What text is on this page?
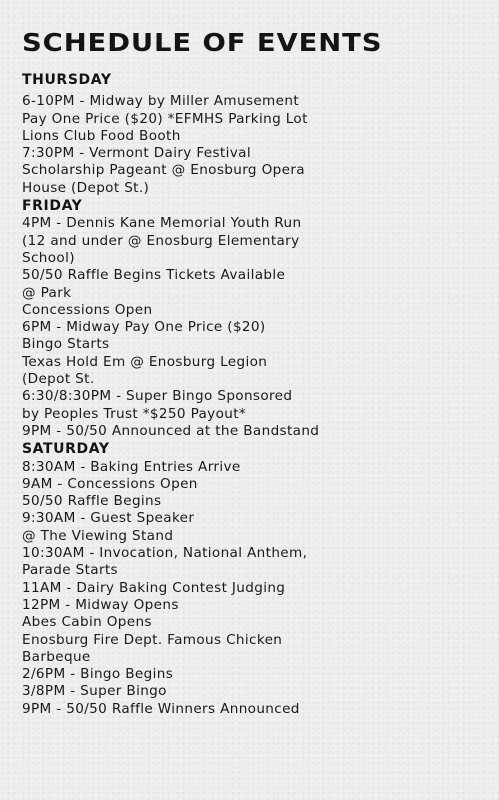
SCHEDULE OF EVENTS
THURSDAY
6-10PM - Midway by Miller Amusement
Pay One Price ($20) *EFMHS Parking Lot
Lions Club Food Booth
7:30PM - Vermont Dairy Festival
Scholarship Pageant @ Enosburg Opera
House (Depot St.)
FRIDAY
4PM - Dennis Kane Memorial Youth Run
(12 and under @ Enosburg Elementary
School)
50/50 Raffle Begins Tickets Available
@ Park
Concessions Open
6PM - Midway Pay One Price ($20)
Bingo Starts
Texas Hold Em @ Enosburg Legion
(Depot St.
6:30/8:30PM - Super Bingo Sponsored
by Peoples Trust *$250 Payout*
9PM - 50/50 Announced at the Bandstand
SATURDAY
8:30AM - Baking Entries Arrive
9AM - Concessions Open
50/50 Raffle Begins
9:30AM - Guest Speaker
@ The Viewing Stand
10:30AM - Invocation, National Anthem,
Parade Starts
11AM - Dairy Baking Contest Judging
12PM - Midway Opens
Abes Cabin Opens
Enosburg Fire Dept. Famous Chicken
Barbeque
2/6PM - Bingo Begins
3/8PM - Super Bingo
9PM - 50/50 Raffle Winners Announced
